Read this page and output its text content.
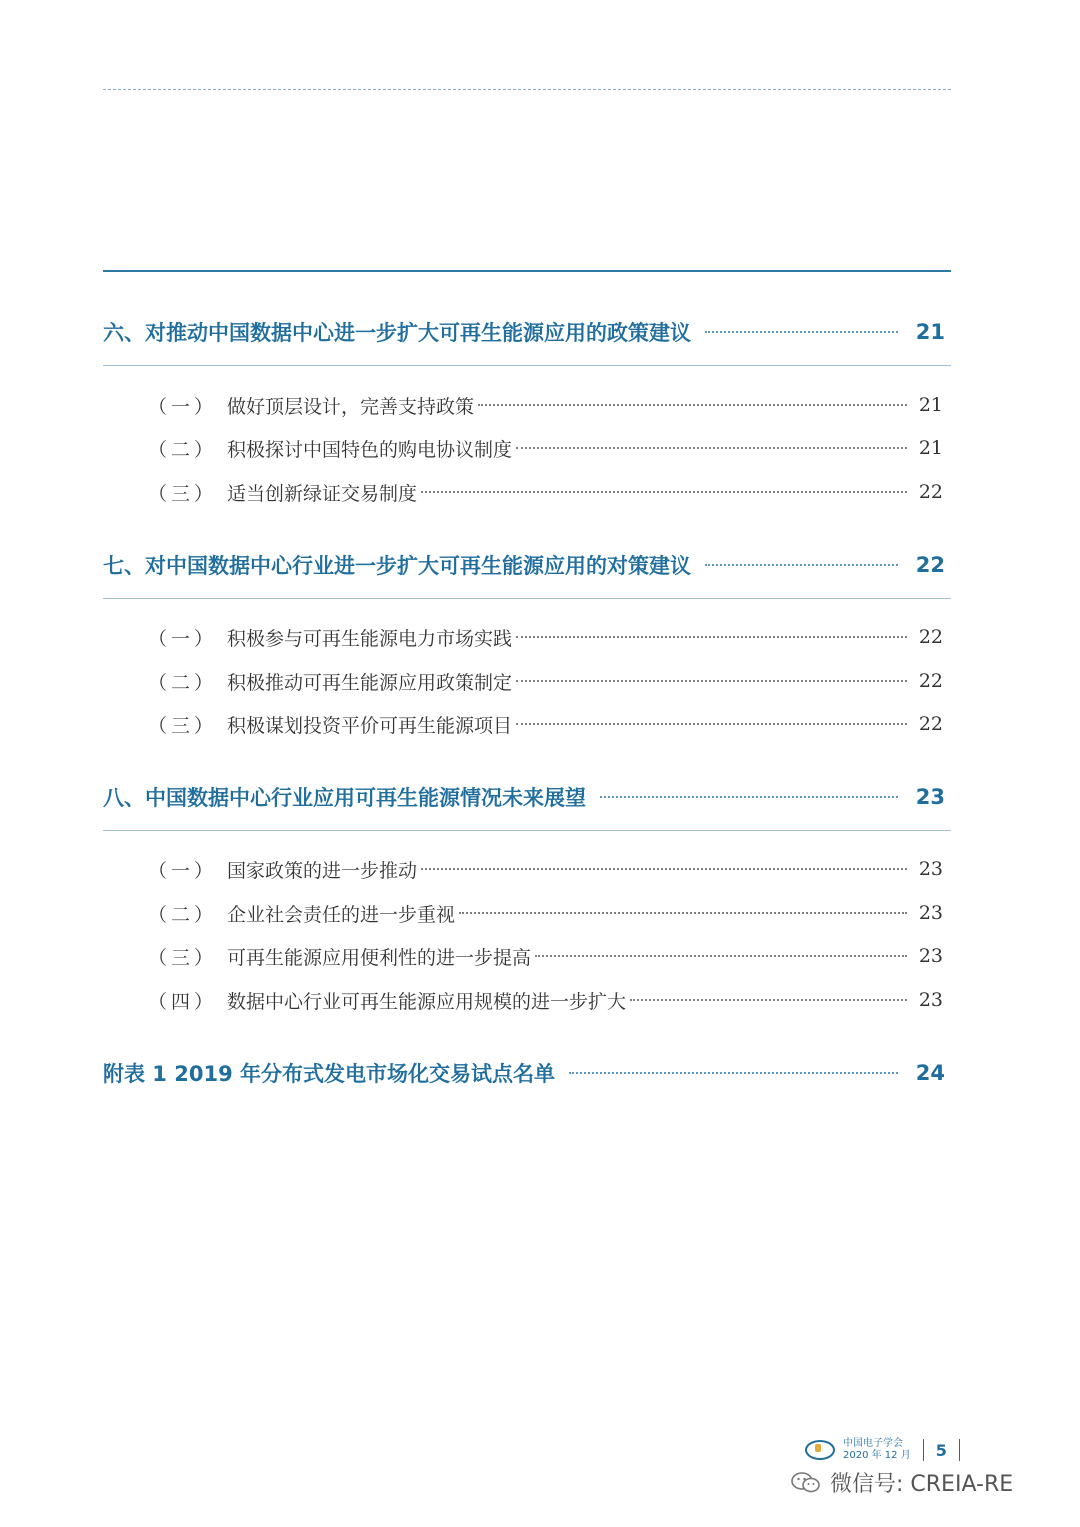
六、对推动中国数据中心进一步扩大可再生能源应用的政策建议	21
（一） 做好顶层设计，完善支持政策	21
（二） 积极探讨中国特色的购电协议制度	21
（三） 适当创新绿证交易制度	22
七、对中国数据中心行业进一步扩大可再生能源应用的对策建议	22
（一） 积极参与可再生能源电力市场实践	22
（二） 积极推动可再生能源应用政策制定	22
（三） 积极谋划投资平价可再生能源项目	22
八、中国数据中心行业应用可再生能源情况未来展望	23
（一） 国家政策的进一步推动	23
（二） 企业社会责任的进一步重视	23
（三） 可再生能源应用便利性的进一步提高	23
（四） 数据中心行业可再生能源应用规模的进一步扩大	23
附表 1 2019 年分布式发电市场化交易试点名单	24
中国电子学会
2020 年 12 月 5
微信号: CREIA-RE
